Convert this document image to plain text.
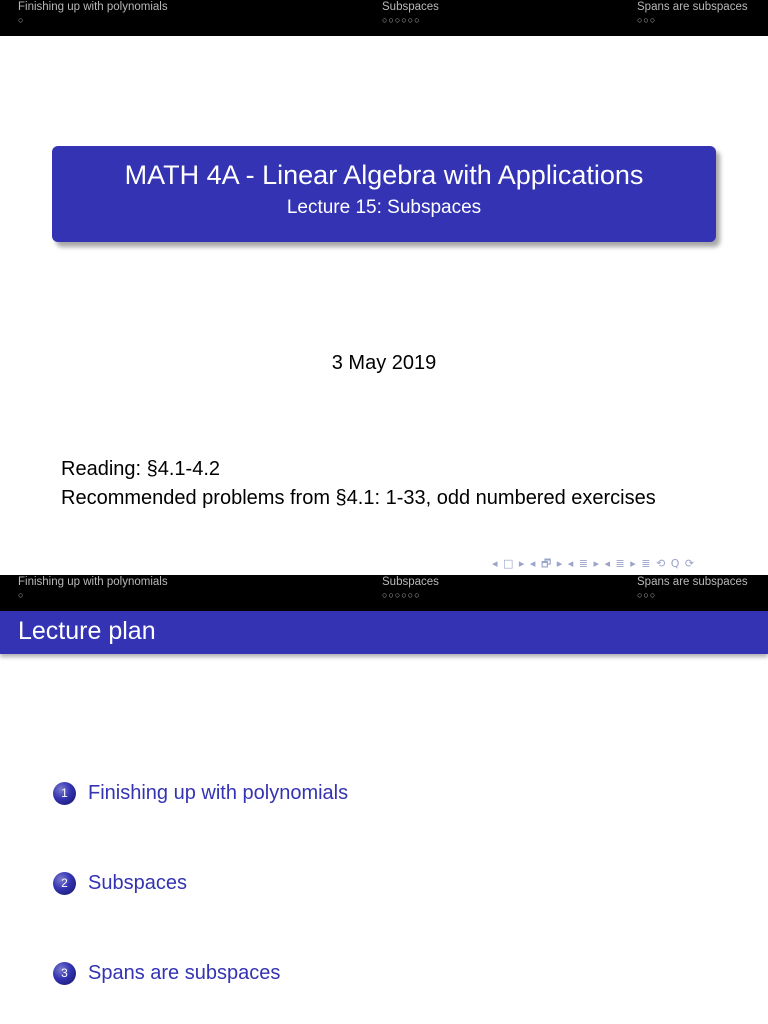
Finishing up with polynomials
○
Subspaces
○○○○○○
Spans are subspaces
○○○
MATH 4A - Linear Algebra with Applications
Lecture 15: Subspaces
3 May 2019
Reading: §4.1-4.2
Recommended problems from §4.1: 1-33, odd numbered exercises
◂ □ ▸ ◂ 🗗 ▸ ◂ ≣ ▸ ◂ ≣ ▸ ≣ ⟲ Q ⟳
Finishing up with polynomials
○
Subspaces
○○○○○○
Spans are subspaces
○○○
Lecture plan
1	Finishing up with polynomials
2	Subspaces
3	Spans are subspaces
